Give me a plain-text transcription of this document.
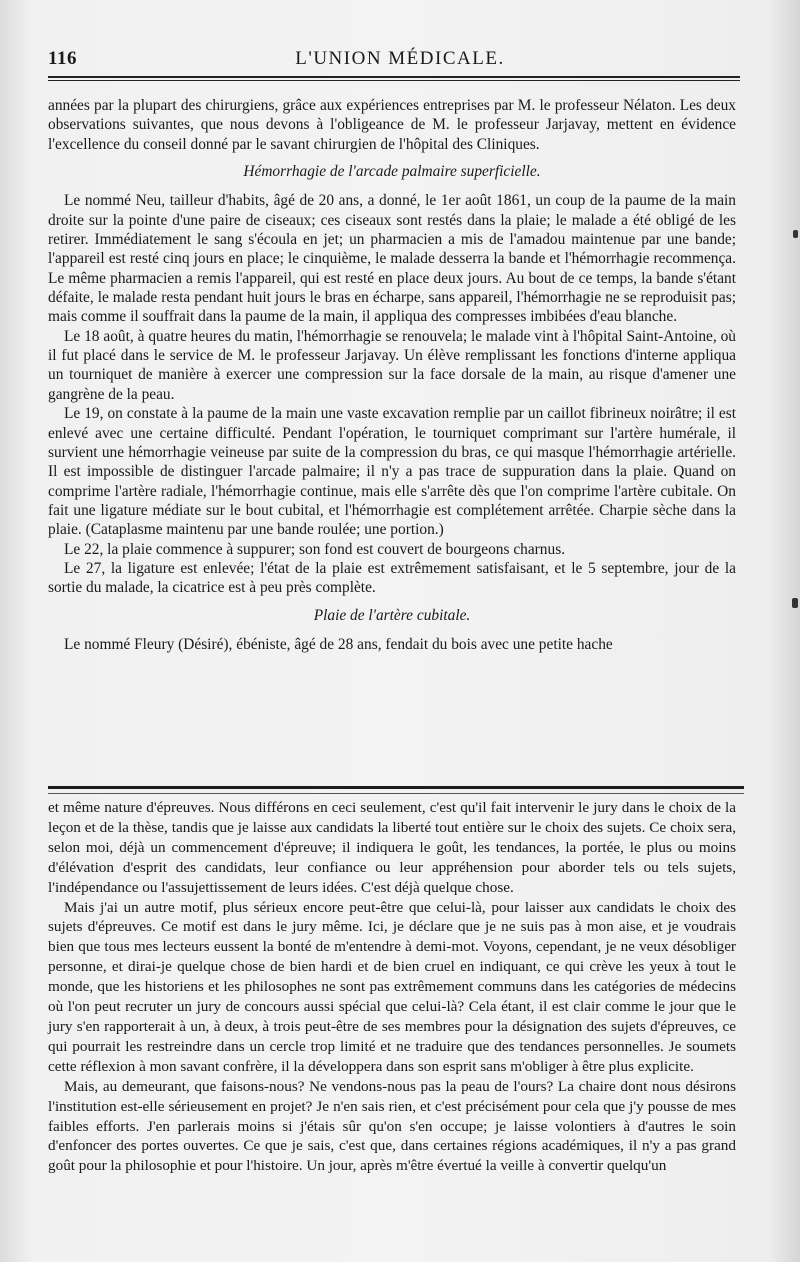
116	L'UNION MÉDICALE.

années par la plupart des chirurgiens, grâce aux expériences entreprises par M. le professeur Nélaton. Les deux observations suivantes, que nous devons à l'obligeance de M. le professeur Jarjavay, mettent en évidence l'excellence du conseil donné par le savant chirurgien de l'hôpital des Cliniques.

Hémorrhagie de l'arcade palmaire superficielle.

Le nommé Neu, tailleur d'habits, âgé de 20 ans, a donné, le 1er août 1861, un coup de la paume de la main droite sur la pointe d'une paire de ciseaux; ces ciseaux sont restés dans la plaie; le malade a été obligé de les retirer. Immédiatement le sang s'écoula en jet; un pharmacien a mis de l'amadou maintenue par une bande; l'appareil est resté cinq jours en place; le cinquième, le malade desserra la bande et l'hémorrhagie recommença. Le même pharmacien a remis l'appareil, qui est resté en place deux jours. Au bout de ce temps, la bande s'étant défaite, le malade resta pendant huit jours le bras en écharpe, sans appareil, l'hémorrhagie ne se reproduisit pas; mais comme il souffrait dans la paume de la main, il appliqua des compresses imbibées d'eau blanche.

Le 18 août, à quatre heures du matin, l'hémorrhagie se renouvela; le malade vint à l'hôpital Saint-Antoine, où il fut placé dans le service de M. le professeur Jarjavay. Un élève remplissant les fonctions d'interne appliqua un tourniquet de manière à exercer une compression sur la face dorsale de la main, au risque d'amener une gangrène de la peau.

Le 19, on constate à la paume de la main une vaste excavation remplie par un caillot fibrineux noirâtre; il est enlevé avec une certaine difficulté. Pendant l'opération, le tourniquet comprimant sur l'artère humérale, il survient une hémorrhagie veineuse par suite de la compression du bras, ce qui masque l'hémorrhagie artérielle. Il est impossible de distinguer l'arcade palmaire; il n'y a pas trace de suppuration dans la plaie. Quand on comprime l'artère radiale, l'hémorrhagie continue, mais elle s'arrête dès que l'on comprime l'artère cubitale. On fait une ligature médiate sur le bout cubital, et l'hémorrhagie est complétement arrêtée. Charpie sèche dans la plaie. (Cataplasme maintenu par une bande roulée; une portion.)

Le 22, la plaie commence à suppurer; son fond est couvert de bourgeons charnus.

Le 27, la ligature est enlevée; l'état de la plaie est extrêmement satisfaisant, et le 5 septembre, jour de la sortie du malade, la cicatrice est à peu près complète.

Plaie de l'artère cubitale.

Le nommé Fleury (Désiré), ébéniste, âgé de 28 ans, fendait du bois avec une petite hache

et même nature d'épreuves. Nous différons en ceci seulement, c'est qu'il fait intervenir le jury dans le choix de la leçon et de la thèse, tandis que je laisse aux candidats la liberté tout entière sur le choix des sujets. Ce choix sera, selon moi, déjà un commencement d'épreuve; il indiquera le goût, les tendances, la portée, le plus ou moins d'élévation d'esprit des candidats, leur confiance ou leur appréhension pour aborder tels ou tels sujets, l'indépendance ou l'assujettissement de leurs idées. C'est déjà quelque chose.

Mais j'ai un autre motif, plus sérieux encore peut-être que celui-là, pour laisser aux candidats le choix des sujets d'épreuves. Ce motif est dans le jury même. Ici, je déclare que je ne suis pas à mon aise, et je voudrais bien que tous mes lecteurs eussent la bonté de m'entendre à demi-mot. Voyons, cependant, je ne veux désobliger personne, et dirai-je quelque chose de bien hardi et de bien cruel en indiquant, ce qui crève les yeux à tout le monde, que les historiens et les philosophes ne sont pas extrêmement communs dans les catégories de médecins où l'on peut recruter un jury de concours aussi spécial que celui-là? Cela étant, il est clair comme le jour que le jury s'en rapporterait à un, à deux, à trois peut-être de ses membres pour la désignation des sujets d'épreuves, ce qui pourrait les restreindre dans un cercle trop limité et ne traduire que des tendances personnelles. Je soumets cette réflexion à mon savant confrère, il la développera dans son esprit sans m'obliger à être plus explicite.

Mais, au demeurant, que faisons-nous? Ne vendons-nous pas la peau de l'ours? La chaire dont nous désirons l'institution est-elle sérieusement en projet? Je n'en sais rien, et c'est précisément pour cela que j'y pousse de mes faibles efforts. J'en parlerais moins si j'étais sûr qu'on s'en occupe; je laisse volontiers à d'autres le soin d'enfoncer des portes ouvertes. Ce que je sais, c'est que, dans certaines régions académiques, il n'y a pas grand goût pour la philosophie et pour l'histoire. Un jour, après m'être évertué la veille à convertir quelqu'un
